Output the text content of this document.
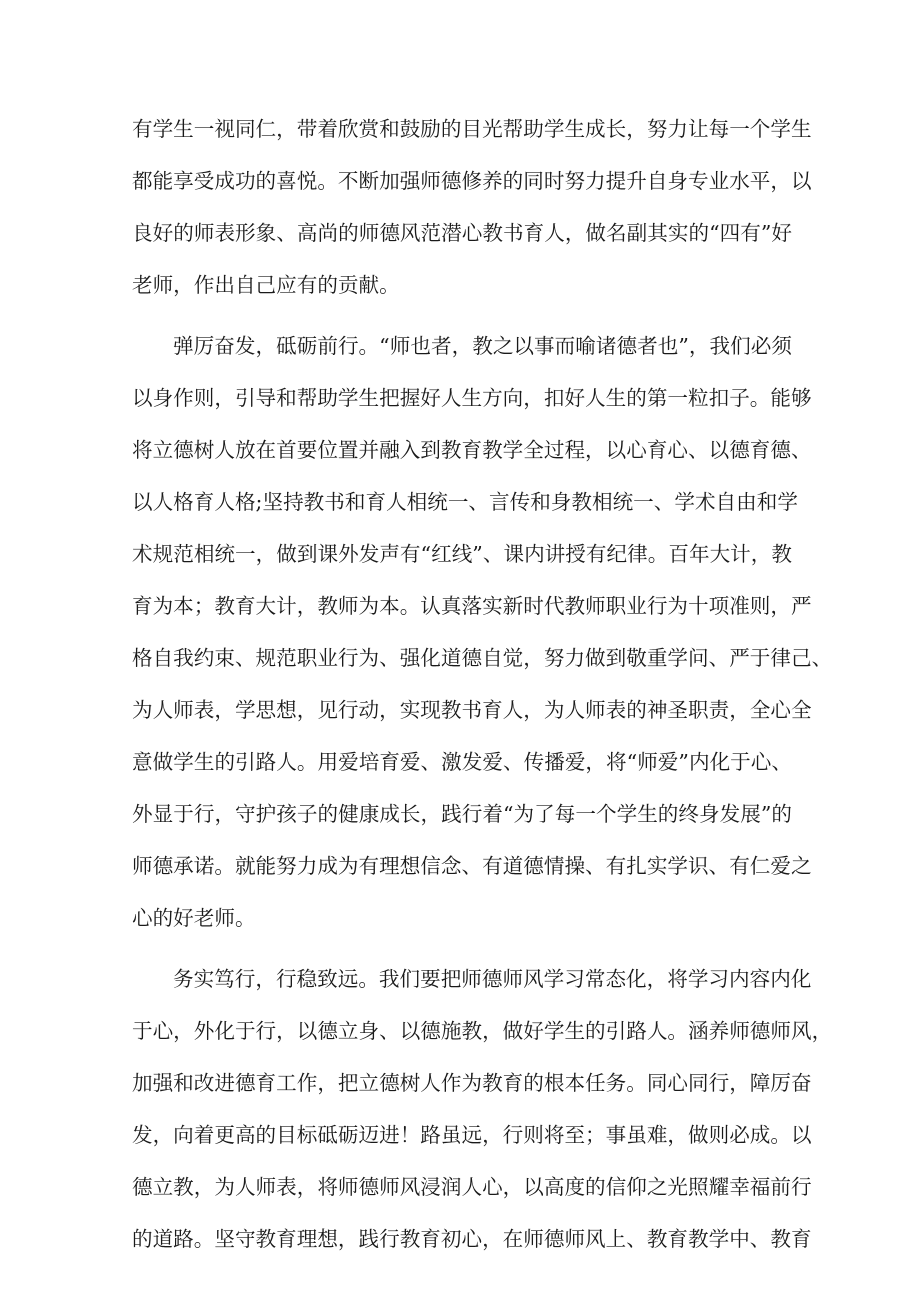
有学生一视同仁，带着欣赏和鼓励的目光帮助学生成长，努力让每一个学生
都能享受成功的喜悦。不断加强师德修养的同时努力提升自身专业水平，以
良好的师表形象、高尚的师德风范潜心教书育人，做名副其实的“四有”好
老师，作出自己应有的贡献。
弹厉奋发，砥砺前行。“师也者，教之以事而喻诸德者也”，我们必须
以身作则，引导和帮助学生把握好人生方向，扣好人生的第一粒扣子。能够
将立德树人放在首要位置并融入到教育教学全过程，以心育心、以德育德、
以人格育人格;坚持教书和育人相统一、言传和身教相统一、学术自由和学
术规范相统一，做到课外发声有“红线”、课内讲授有纪律。百年大计，教
育为本；教育大计，教师为本。认真落实新时代教师职业行为十项准则，严
格自我约束、规范职业行为、强化道德自觉，努力做到敬重学问、严于律己、
为人师表，学思想，见行动，实现教书育人，为人师表的神圣职责，全心全
意做学生的引路人。用爱培育爱、激发爱、传播爱，将“师爱”内化于心、
外显于行，守护孩子的健康成长，践行着“为了每一个学生的终身发展”的
师德承诺。就能努力成为有理想信念、有道德情操、有扎实学识、有仁爱之
心的好老师。
务实笃行，行稳致远。我们要把师德师风学习常态化，将学习内容内化
于心，外化于行，以德立身、以德施教，做好学生的引路人。涵养师德师风，
加强和改进德育工作，把立德树人作为教育的根本任务。同心同行，障厉奋
发，向着更高的目标砥砺迈进！路虽远，行则将至；事虽难，做则必成。以
德立教，为人师表，将师德师风浸润人心，以高度的信仰之光照耀幸福前行
的道路。坚守教育理想，践行教育初心，在师德师风上、教育教学中、教育
